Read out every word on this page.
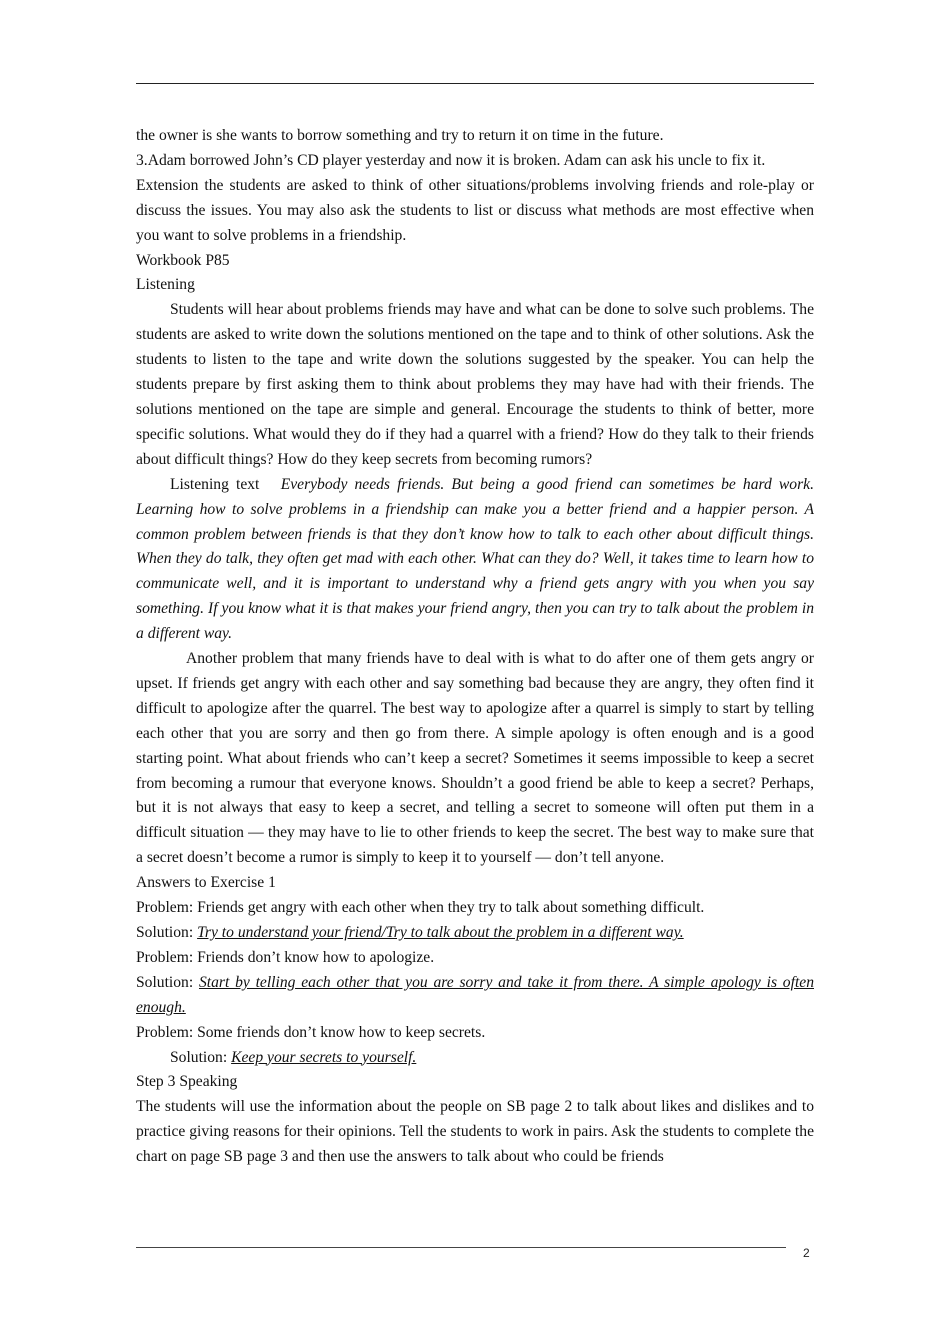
the owner is she wants to borrow something and try to return it on time in the future.

3.Adam borrowed John’s CD player yesterday and now it is broken. Adam can ask his uncle to fix it.

Extension the students are asked to think of other situations/problems involving friends and role-play or discuss the issues. You may also ask the students to list or discuss what methods are most effective when you want to solve problems in a friendship.

Workbook P85

Listening

Students will hear about problems friends may have and what can be done to solve such problems. The students are asked to write down the solutions mentioned on the tape and to think of other solutions. Ask the students to listen to the tape and write down the solutions suggested by the speaker. You can help the students prepare by first asking them to think about problems they may have had with their friends. The solutions mentioned on the tape are simple and general. Encourage the students to think of better, more specific solutions. What would they do if they had a quarrel with a friend? How do they talk to their friends about difficult things? How do they keep secrets from becoming rumors?

Listening text Everybody needs friends. But being a good friend can sometimes be hard work. Learning how to solve problems in a friendship can make you a better friend and a happier person. A common problem between friends is that they don’t know how to talk to each other about difficult things. When they do talk, they often get mad with each other. What can they do? Well, it takes time to learn how to communicate well, and it is important to understand why a friend gets angry with you when you say something. If you know what it is that makes your friend angry, then you can try to talk about the problem in a different way.

Another problem that many friends have to deal with is what to do after one of them gets angry or upset. If friends get angry with each other and say something bad because they are angry, they often find it difficult to apologize after the quarrel. The best way to apologize after a quarrel is simply to start by telling each other that you are sorry and then go from there. A simple apology is often enough and is a good starting point. What about friends who can’t keep a secret? Sometimes it seems impossible to keep a secret from becoming a rumour that everyone knows. Shouldn’t a good friend be able to keep a secret? Perhaps, but it is not always that easy to keep a secret, and telling a secret to someone will often put them in a difficult situation — they may have to lie to other friends to keep the secret. The best way to make sure that a secret doesn’t become a rumor is simply to keep it to yourself — don’t tell anyone.

Answers to Exercise 1

Problem: Friends get angry with each other when they try to talk about something difficult.

Solution: Try to understand your friend/Try to talk about the problem in a different way.

Problem: Friends don’t know how to apologize.

Solution: Start by telling each other that you are sorry and take it from there. A simple apology is often enough.

Problem: Some friends don’t know how to keep secrets.

Solution: Keep your secrets to yourself.

Step 3 Speaking

The students will use the information about the people on SB page 2 to talk about likes and dislikes and to practice giving reasons for their opinions. Tell the students to work in pairs. Ask the students to complete the chart on page SB page 3 and then use the answers to talk about who could be friends

2
